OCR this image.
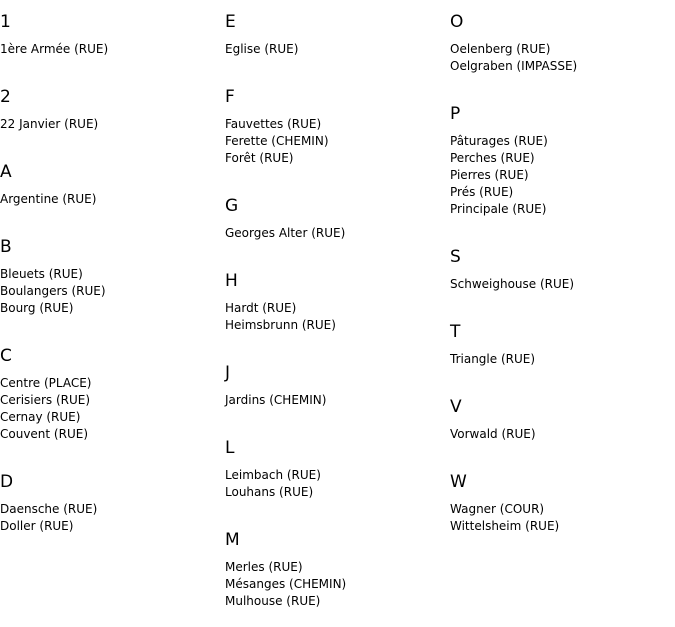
1
1ère Armée (RUE)
2
22 Janvier (RUE)
A
Argentine (RUE)
B
Bleuets (RUE)
Boulangers (RUE)
Bourg (RUE)
C
Centre (PLACE)
Cerisiers (RUE)
Cernay (RUE)
Couvent (RUE)
D
Daensche (RUE)
Doller (RUE)
E
Eglise (RUE)
F
Fauvettes (RUE)
Ferette (CHEMIN)
Forêt (RUE)
G
Georges Alter (RUE)
H
Hardt (RUE)
Heimsbrunn (RUE)
J
Jardins (CHEMIN)
L
Leimbach (RUE)
Louhans (RUE)
M
Merles (RUE)
Mésanges (CHEMIN)
Mulhouse (RUE)
O
Oelenberg (RUE)
Oelgraben (IMPASSE)
P
Pâturages (RUE)
Perches (RUE)
Pierres (RUE)
Prés (RUE)
Principale (RUE)
S
Schweighouse (RUE)
T
Triangle (RUE)
V
Vorwald (RUE)
W
Wagner (COUR)
Wittelsheim (RUE)
